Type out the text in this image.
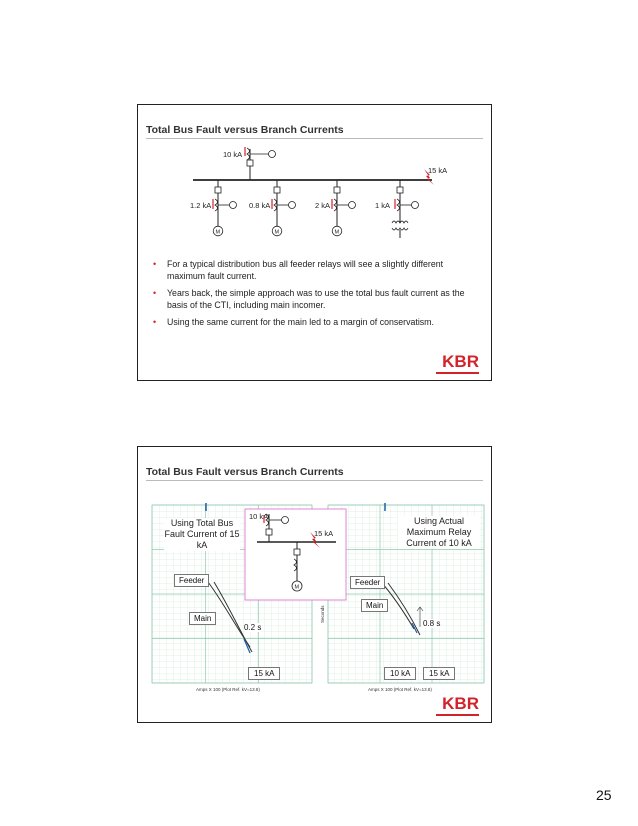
Total Bus Fault versus Branch Currents
10 kA
15 kA
1.2 kA
M
0.8 kA
M
2 kA
M
1 kA
• For a typical distribution bus all feeder relays will see a slightly different maximum fault current.
• Years back, the simple approach was to use the total bus fault current as the basis of the CTI, including main incomer.
• Using the same current for the main led to a margin of conservatism.
KBR
Total Bus Fault versus Branch Currents
10 kA
15 kA
M
Amps X 100 (Plot Ref. kV=13.8)	Amps X 100 (Plot Ref. kV=13.8)
Seconds
Using Total Bus Fault Current of 15 kA
Feeder
Main
0.2 s
15 kA
Using Actual Maximum Relay Current of 10 kA
Feeder
Main
0.8 s
10 kA	15 kA
KBR
25
